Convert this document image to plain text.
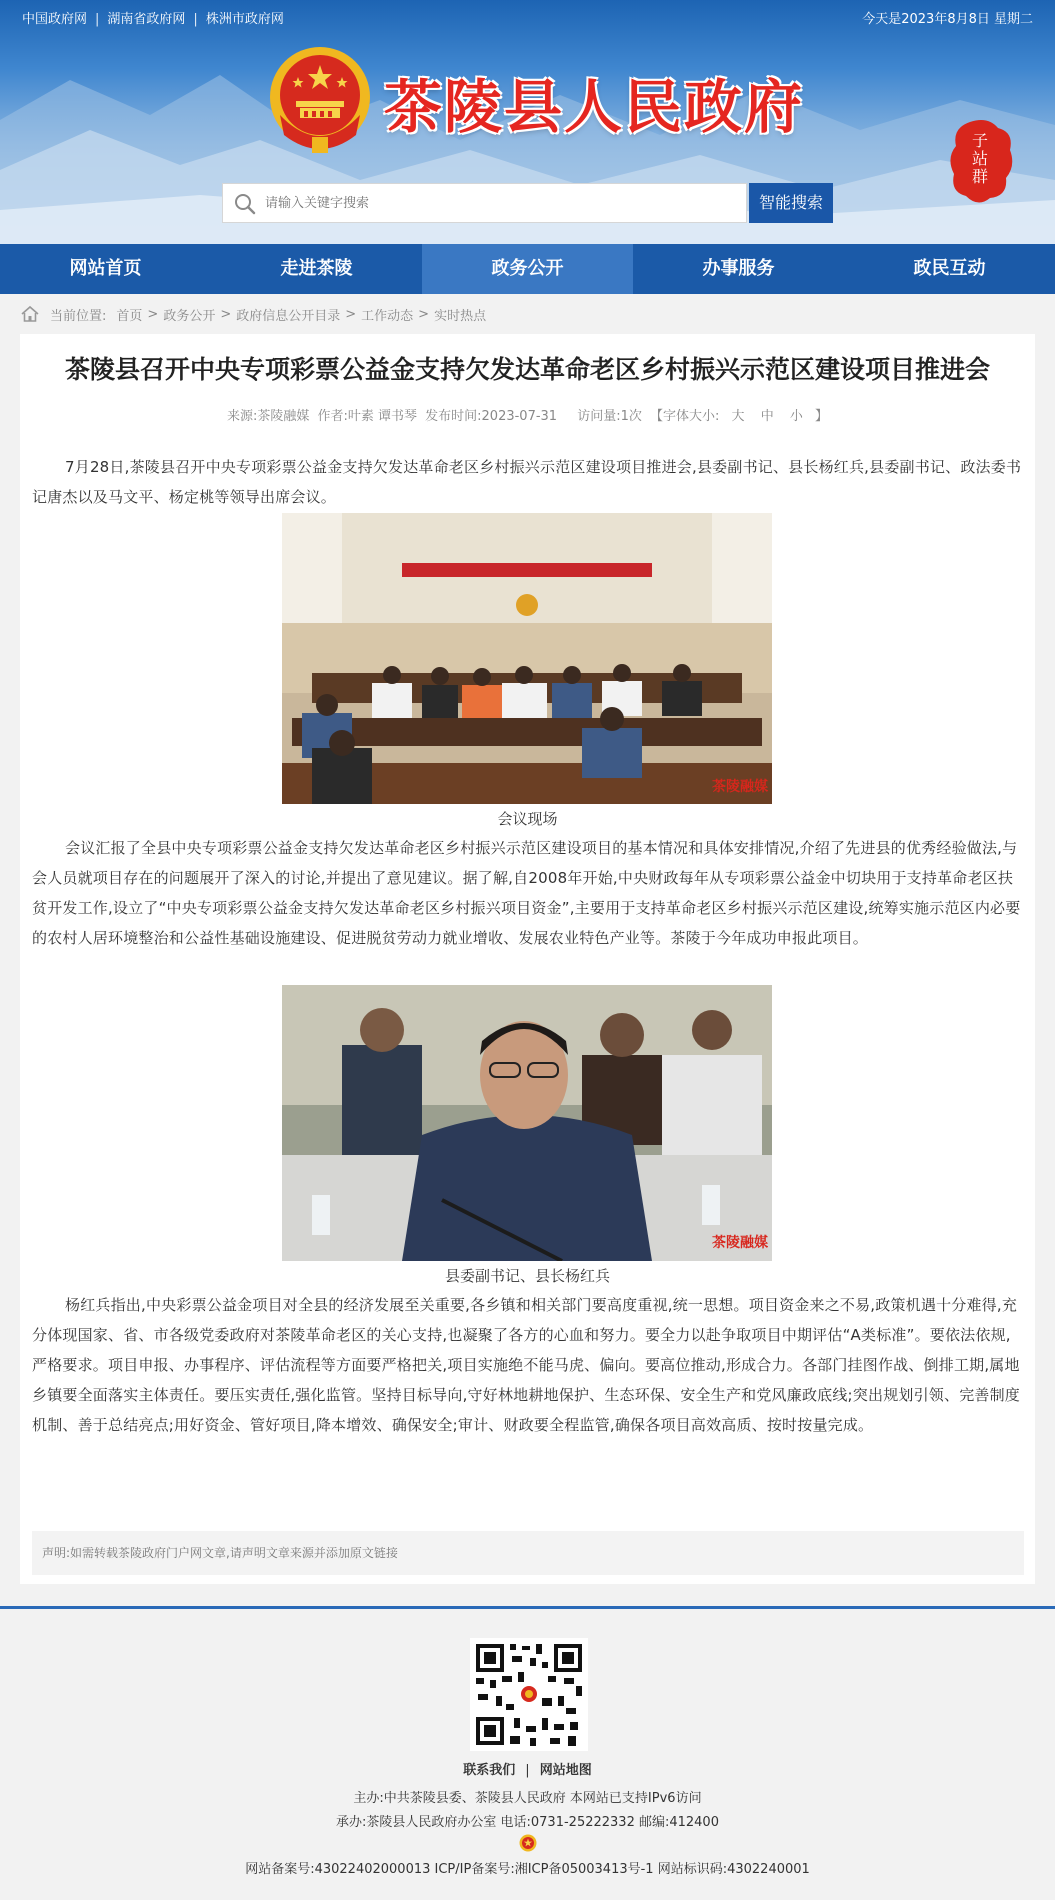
中国政府网 | 湖南省政府网 | 株洲市政府网	今天是2023年8月8日 星期二
茶陵县人民政府	子站群
请输入关键字搜索
智能搜索
网站首页	走进茶陵	政务公开	办事服务	政民互动
当前位置: 首页 > 政务公开 > 政府信息公开目录 > 工作动态 > 实时热点
茶陵县召开中央专项彩票公益金支持欠发达革命老区乡村振兴示范区建设项目推进会
来源:茶陵融媒 作者:叶素 谭书琴 发布时间:2023-07-31 访问量:1次 【字体大小: 大 中 小 】

7月28日,茶陵县召开中央专项彩票公益金支持欠发达革命老区乡村振兴示范区建设项目推进会,县委副书记、县长杨红兵,县委副书记、政法委书记唐杰以及马文平、杨定桃等领导出席会议。

茶陵融媒
会议现场

会议汇报了全县中央专项彩票公益金支持欠发达革命老区乡村振兴示范区建设项目的基本情况和具体安排情况,介绍了先进县的优秀经验做法,与会人员就项目存在的问题展开了深入的讨论,并提出了意见建议。据了解,自2008年开始,中央财政每年从专项彩票公益金中切块用于支持革命老区扶贫开发工作,设立了“中央专项彩票公益金支持欠发达革命老区乡村振兴项目资金”,主要用于支持革命老区乡村振兴示范区建设,统筹实施示范区内必要的农村人居环境整治和公益性基础设施建设、促进脱贫劳动力就业增收、发展农业特色产业等。茶陵于今年成功申报此项目。

茶陵融媒
县委副书记、县长杨红兵

杨红兵指出,中央彩票公益金项目对全县的经济发展至关重要,各乡镇和相关部门要高度重视,统一思想。项目资金来之不易,政策机遇十分难得,充分体现国家、省、市各级党委政府对茶陵革命老区的关心支持,也凝聚了各方的心血和努力。要全力以赴争取项目中期评估“A类标准”。要依法依规,严格要求。项目申报、办事程序、评估流程等方面要严格把关,项目实施绝不能马虎、偏向。要高位推动,形成合力。各部门挂图作战、倒排工期,属地乡镇要全面落实主体责任。要压实责任,强化监管。坚持目标导向,守好林地耕地保护、生态环保、安全生产和党风廉政底线;突出规划引领、完善制度机制、善于总结亮点;用好资金、管好项目,降本增效、确保安全;审计、财政要全程监管,确保各项目高效高质、按时按量完成。

声明:如需转载茶陵政府门户网文章,请声明文章来源并添加原文链接
联系我们 | 网站地图
主办:中共茶陵县委、茶陵县人民政府 本网站已支持IPv6访问
承办:茶陵县人民政府办公室 电话:0731-25222332 邮编:412400
网站备案号:43022402000013 ICP/IP备案号:湘ICP备05003413号-1 网站标识码:4302240001
